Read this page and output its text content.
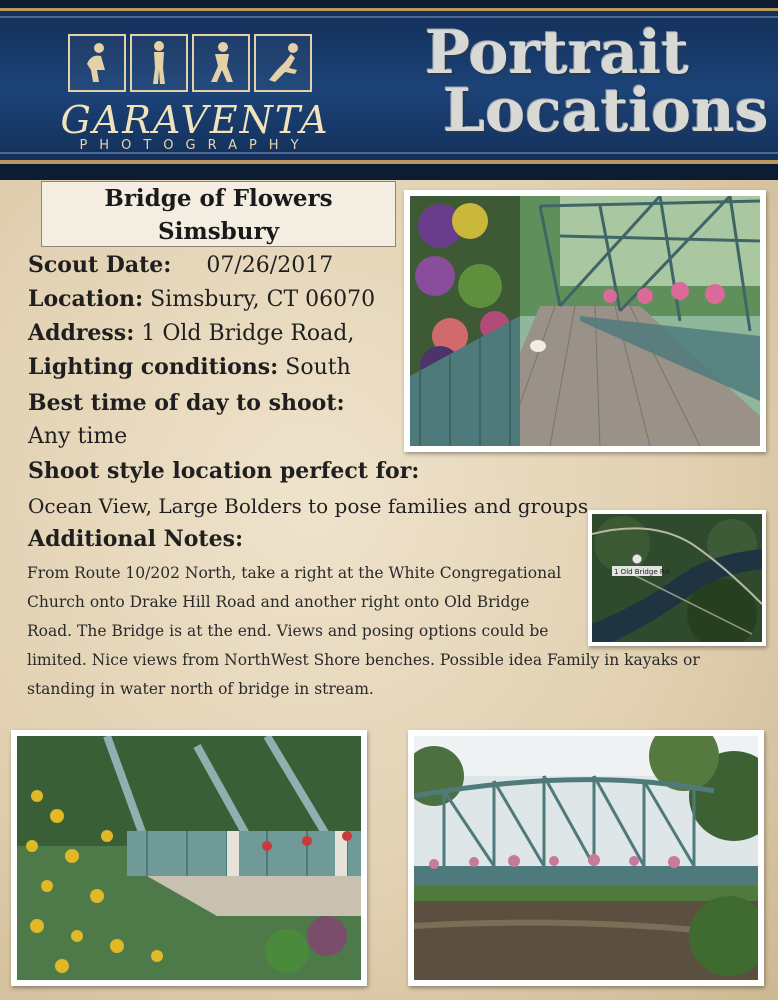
GARAVENTA
PHOTOGRAPHY
Portrait
Locations
Bridge of Flowers
Simsbury
Scout Date: 07/26/2017
Location: Simsbury, CT 06070
Address: 1 Old Bridge Road,
Lighting conditions: South
Best time of day to shoot:
Any time
Shoot style location perfect for:
Ocean View, Large Bolders to pose families and groups
Additional Notes:
From Route 10/202 North, take a right at the White Congregational
Church onto Drake Hill Road and another right onto Old Bridge
Road. The Bridge is at the end. Views and posing options could be
limited. Nice views from NorthWest Shore benches. Possible idea Family in kayaks or
standing in water north of bridge in stream.
1 Old Bridge Rd
